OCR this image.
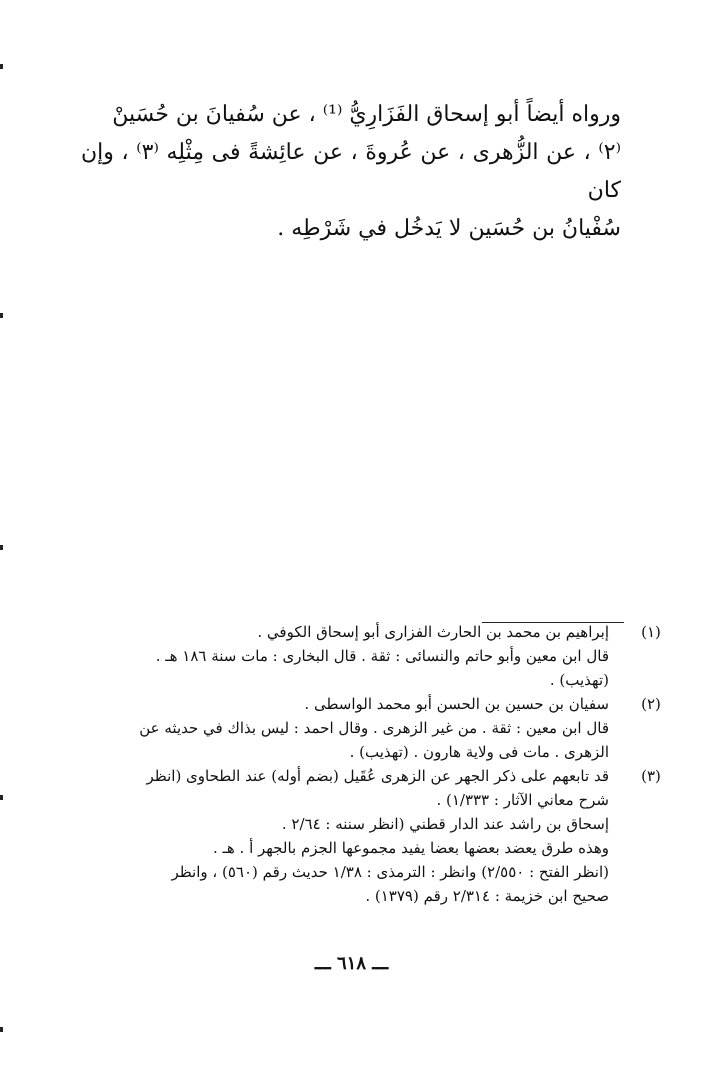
ورواه أيضاً أبو إسحاق الفَزَارِيُّ ⁽¹⁾ ، عن سُفيانَ بن حُسَينْ

⁽٢⁾ ، عن الزُّهرى ، عن عُروةَ ، عن عائِشةً فى مِثْلِه ⁽٣⁾ ، وإن كان

سُفْيانُ بن حُسَين لا يَدخُل في شَرْطِه .

(١)
إبراهيم بن محمد بن الحارث الفزارى أبو إسحاق الكوفي .
قال ابن معين وأبو حاتم والنسائى : ثقة . قال البخارى : مات سنة ١٨٦ هـ .
(تهذيب) .
(٢)
سفيان بن حسين بن الحسن أبو محمد الواسطى .
قال ابن معين : ثقة . من غير الزهرى . وقال احمد : ليس بذاك في حديثه عن
الزهرى . مات فى ولاية هارون . (تهذيب) .
(٣)
قد تابعهم على ذكر الجهر عن الزهرى عُقَيل (بضم أوله) عند الطحاوى (انظر
شرح معاني الآثار : ١/٣٣٣) .
إسحاق بن راشد عند الدار قطني (انظر سننه : ٢/٦٤ .
وهذه طرق يعضد بعضها بعضا يفيد مجموعها الجزم بالجهر أ . هـ .
(انظر الفتح : ٢/٥٥٠) وانظر : الترمذى : ١/٣٨ حديث رقم (٥٦٠) ، وانظر
صحيح ابن خزيمة : ٢/٣١٤ رقم (١٣٧٩) .
ـــ ٦١٨ ـــ
